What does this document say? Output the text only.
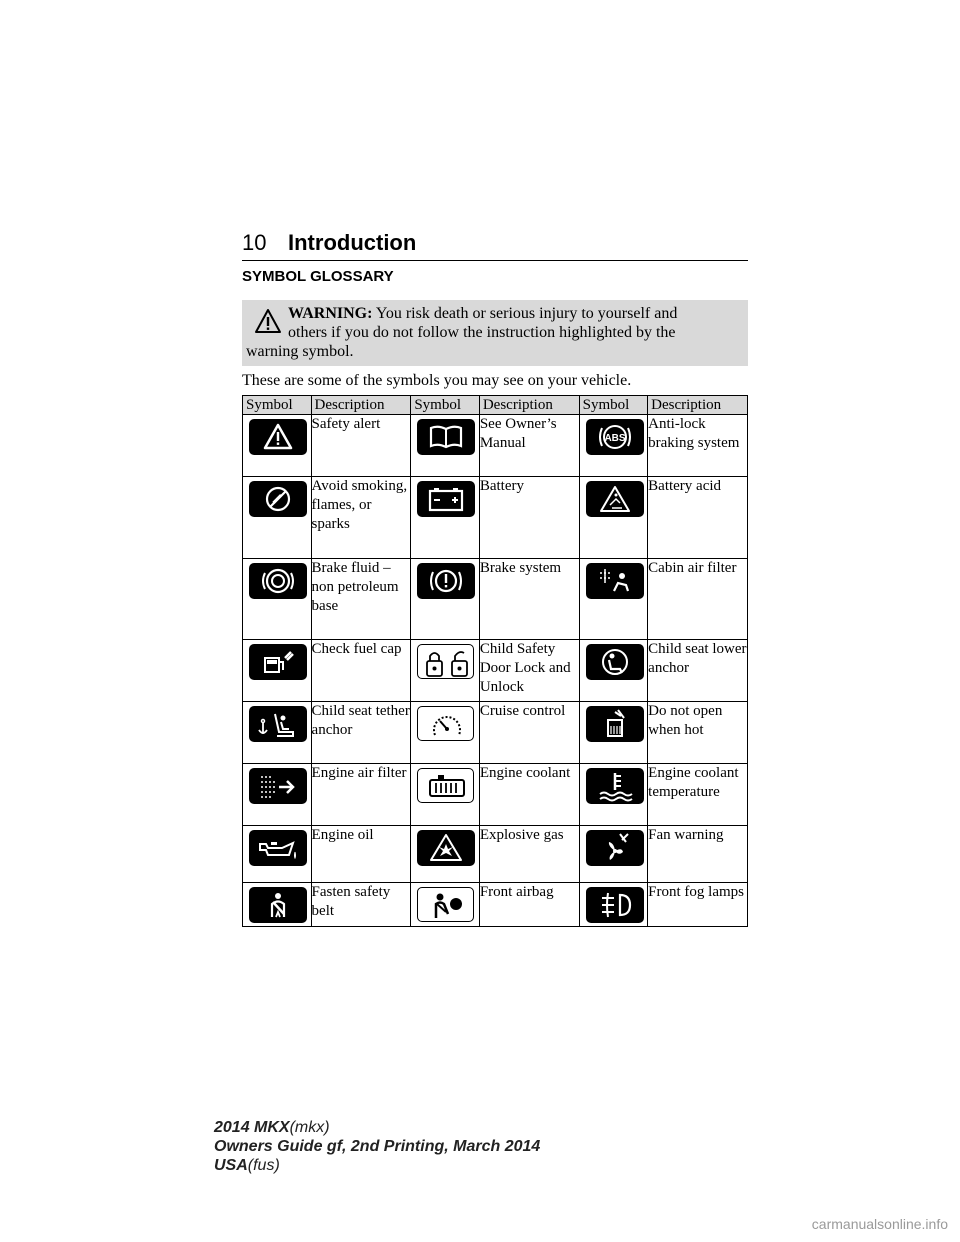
10 Introduction
SYMBOL GLOSSARY
WARNING: You risk death or serious injury to yourself and
others if you do not follow the instruction highlighted by the
warning symbol.
These are some of the symbols you may see on your vehicle.
Symbol	Description	Symbol	Description	Symbol	Description

	Safety alert		See Owner’s Manual	ABS	Anti-lock braking system

	Avoid smoking, flames, or sparks		Battery		Battery acid

	Brake fluid – non petroleum base		Brake system		Cabin air filter

	Check fuel cap		Child Safety Door Lock and Unlock		Child seat lower anchor

	Child seat tether anchor		Cruise control		Do not open when hot

	Engine air filter		Engine coolant		Engine coolant temperature

	Engine oil		Explosive gas		Fan warning

	Fasten safety belt		Front airbag		Front fog lamps
2014 MKX(mkx)
Owners Guide gf, 2nd Printing, March 2014
USA(fus)
carmanualsonline.info
